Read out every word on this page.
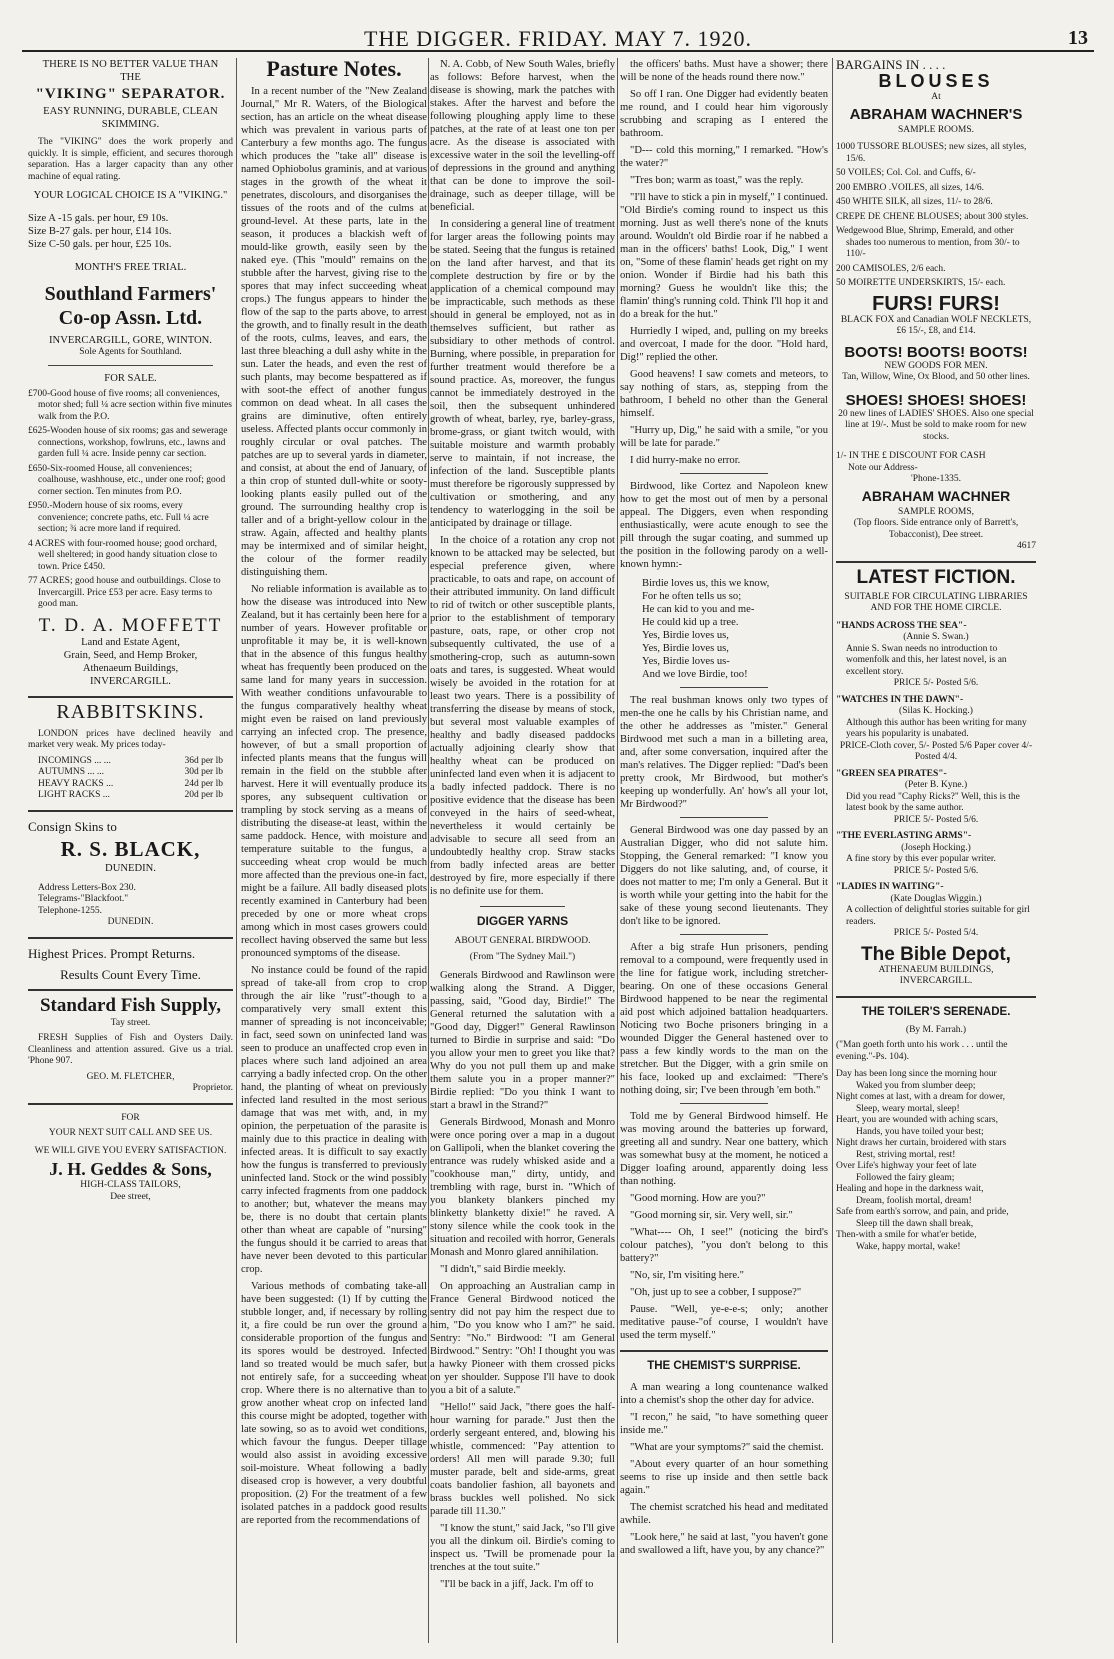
THE DIGGER. FRIDAY. MAY 7. 1920.	13
THERE IS NO BETTER VALUE THAN
THE
"VIKING" SEPARATOR.
EASY RUNNING, DURABLE, CLEAN SKIMMING.

The "VIKING" does the work properly and quickly. It is simple, efficient, and secures thorough separation. Has a larger capacity than any other machine of equal rating.

YOUR LOGICAL CHOICE IS A "VIKING."
Size A -15 gals. per hour, £9 10s.
Size B-27 gals. per hour, £14 10s.
Size C-50 gals. per hour, £25 10s.
MONTH'S FREE TRIAL.
Southland Farmers' Co-op Assn. Ltd.
INVERCARGILL, GORE, WINTON.
Sole Agents for Southland.
FOR SALE.

£700-Good house of five rooms; all conveniences, motor shed; full ¼ acre section within five minutes walk from the P.O.

£625-Wooden house of six rooms; gas and sewerage connections, workshop, fowlruns, etc., lawns and garden full ¼ acre. Inside penny car section.

£650-Six-roomed House, all conveniences; coalhouse, washhouse, etc., under one roof; good corner section. Ten minutes from P.O.

£950.-Modern house of six rooms, every convenience; concrete paths, etc. Full ¼ acre section; ¾ acre more land if required.

4 ACRES with four-roomed house; good orchard, well sheltered; in good handy situation close to town. Price £450.

77 ACRES; good house and outbuildings. Close to Invercargill. Price £53 per acre. Easy terms to good man.

T. D. A. MOFFETT
Land and Estate Agent,
Grain, Seed, and Hemp Broker,
Athenaeum Buildings,
INVERCARGILL.
RABBITSKINS.

LONDON prices have declined heavily and market very weak. My prices today-

INCOMINGS ... ...	36d per lb
AUTUMNS ... ...	30d per lb
HEAVY RACKS ...	24d per lb
LIGHT RACKS ...	20d per lb
Consign Skins to
R. S. BLACK,
DUNEDIN.
Address Letters-Box 230.
Telegrams-"Blackfoot."
Telephone-1255.
DUNEDIN.
Highest Prices. Prompt Returns.
Results Count Every Time.
Standard Fish Supply,
Tay street.

FRESH Supplies of Fish and Oysters Daily. Cleanliness and attention assured. Give us a trial. 'Phone 907.

GEO. M. FLETCHER,
Proprietor.
FOR
YOUR NEXT SUIT CALL AND SEE US.
WE WILL GIVE YOU EVERY SATISFACTION.
J. H. Geddes & Sons,
HIGH-CLASS TAILORS,
Dee street,
Pasture Notes.

In a recent number of the "New Zealand Journal," Mr R. Waters, of the Biological section, has an article on the wheat disease which was prevalent in various parts of Canterbury a few months ago. The fungus which produces the "take all" disease is named Ophiobolus graminis, and at various stages in the growth of the wheat it penetrates, discolours, and disorganises the tissues of the roots and of the culms at ground-level. At these parts, late in the season, it produces a blackish weft of mould-like growth, easily seen by the naked eye. (This "mould" remains on the stubble after the harvest, giving rise to the spores that may infect succeeding wheat crops.) The fungus appears to hinder the flow of the sap to the parts above, to arrest the growth, and to finally result in the death of the roots, culms, leaves, and ears, the last three bleaching a dull ashy white in the sun. Later the heads, and even the rest of such plants, may become bespattered as if with soot-the effect of another fungus common on dead wheat. In all cases the grains are diminutive, often entirely useless. Affected plants occur commonly in roughly circular or oval patches. The patches are up to several yards in diameter, and consist, at about the end of January, of a thin crop of stunted dull-white or sooty-looking plants easily pulled out of the ground. The surrounding healthy crop is taller and of a bright-yellow colour in the straw. Again, affected and healthy plants may be intermixed and of similar height, the colour of the former readily distinguishing them.

No reliable information is available as to how the disease was introduced into New Zealand, but it has certainly been here for a number of years. However profitable or unprofitable it may be, it is well-known that in the absence of this fungus healthy wheat has frequently been produced on the same land for many years in succession. With weather conditions unfavourable to the fungus comparatively healthy wheat might even be raised on land previously carrying an infected crop. The presence, however, of but a small proportion of infected plants means that the fungus will remain in the field on the stubble after harvest. Here it will eventually produce its spores, any subsequent cultivation or trampling by stock serving as a means of distributing the disease-at least, within the same paddock. Hence, with moisture and temperature suitable to the fungus, a succeeding wheat crop would be much more affected than the previous one-in fact, might be a failure. All badly diseased plots recently examined in Canterbury had been preceded by one or more wheat crops among which in most cases growers could recollect having observed the same but less pronounced symptoms of the disease.

No instance could be found of the rapid spread of take-all from crop to crop through the air like "rust"-though to a comparatively very small extent this manner of spreading is not inconceivable; in fact, seed sown on uninfected land was seen to produce an unaffected crop even in places where such land adjoined an area carrying a badly infected crop. On the other hand, the planting of wheat on previously infected land resulted in the most serious damage that was met with, and, in my opinion, the perpetuation of the parasite is mainly due to this practice in dealing with infected areas. It is difficult to say exactly how the fungus is transferred to previously uninfected land. Stock or the wind possibly carry infected fragments from one paddock to another; but, whatever the means may be, there is no doubt that certain plants other than wheat are capable of "nursing" the fungus should it be carried to areas that have never been devoted to this particular crop.

Various methods of combating take-all have been suggested: (1) If by cutting the stubble longer, and, if necessary by rolling it, a fire could be run over the ground a considerable proportion of the fungus and its spores would be destroyed. Infected land so treated would be much safer, but not entirely safe, for a succeeding wheat crop. Where there is no alternative than to grow another wheat crop on infected land this course might be adopted, together with late sowing, so as to avoid wet conditions, which favour the fungus. Deeper tillage would also assist in avoiding excessive soil-moisture. Wheat following a badly diseased crop is however, a very doubtful proposition. (2) For the treatment of a few isolated patches in a paddock good results are reported from the recommendations of

N. A. Cobb, of New South Wales, briefly as follows: Before harvest, when the disease is showing, mark the patches with stakes. After the harvest and before the following ploughing apply lime to these patches, at the rate of at least one ton per acre. As the disease is associated with excessive water in the soil the levelling-off of depressions in the ground and anything that can be done to improve the soil-drainage, such as deeper tillage, will be beneficial.

In considering a general line of treatment for larger areas the following points may be stated. Seeing that the fungus is retained on the land after harvest, and that its complete destruction by fire or by the application of a chemical compound may be impracticable, such methods as these should in general be employed, not as in themselves sufficient, but rather as subsidiary to other methods of control. Burning, where possible, in preparation for further treatment would therefore be a sound practice. As, moreover, the fungus cannot be immediately destroyed in the soil, then the subsequent unhindered growth of wheat, barley, rye, barley-grass, brome-grass, or giant twitch would, with suitable moisture and warmth probably serve to maintain, if not increase, the infection of the land. Susceptible plants must therefore be rigorously suppressed by cultivation or smothering, and any tendency to waterlogging in the soil be anticipated by drainage or tillage.

In the choice of a rotation any crop not known to be attacked may be selected, but especial preference given, where practicable, to oats and rape, on account of their attributed immunity. On land difficult to rid of twitch or other susceptible plants, prior to the establishment of temporary pasture, oats, rape, or other crop not subsequently cultivated, the use of a smothering-crop, such as autumn-sown oats and tares, is suggested. Wheat would wisely be avoided in the rotation for at least two years. There is a possibility of transferring the disease by means of stock, but several most valuable examples of healthy and badly diseased paddocks actually adjoining clearly show that healthy wheat can be produced on uninfected land even when it is adjacent to a badly infected paddock. There is no positive evidence that the disease has been conveyed in the hairs of seed-wheat, nevertheless it would certainly be advisable to secure all seed from an undoubtedly healthy crop. Straw stacks from badly infected areas are better destroyed by fire, more especially if there is no definite use for them.

DIGGER YARNS
ABOUT GENERAL BIRDWOOD.
(From "The Sydney Mail.")

Generals Birdwood and Rawlinson were walking along the Strand. A Digger, passing, said, "Good day, Birdie!" The General returned the salutation with a "Good day, Digger!" General Rawlinson turned to Birdie in surprise and said: "Do you allow your men to greet you like that? Why do you not pull them up and make them salute you in a proper manner?" Birdie replied: "Do you think I want to start a brawl in the Strand?"

Generals Birdwood, Monash and Monro were once poring over a map in a dugout on Gallipoli, when the blanket covering the entrance was rudely whisked aside and a "cookhouse man," dirty, untidy, and trembling with rage, burst in. "Which of you blankety blankers pinched my blinketty blanketty dixie!" he raved. A stony silence while the cook took in the situation and recoiled with horror, Generals Monash and Monro glared annihilation.

"I didn't," said Birdie meekly.

On approaching an Australian camp in France General Birdwood noticed the sentry did not pay him the respect due to him, "Do you know who I am?" he said. Sentry: "No." Birdwood: "I am General Birdwood." Sentry: "Oh! I thought you was a hawky Pioneer with them crossed picks on yer shoulder. Suppose I'll have to dook you a bit of a salute."

"Hello!" said Jack, "there goes the half-hour warning for parade." Just then the orderly sergeant entered, and, blowing his whistle, commenced: "Pay attention to orders! All men will parade 9.30; full muster parade, belt and side-arms, great coats bandolier fashion, all bayonets and brass buckles well polished. No sick parade till 11.30."

"I know the stunt," said Jack, "so I'll give you all the dinkum oil. Birdie's coming to inspect us. 'Twill be promenade pour la trenches at the tout suite."

"I'll be back in a jiff, Jack. I'm off to

the officers' baths. Must have a shower; there will be none of the heads round there now."

So off I ran. One Digger had evidently beaten me round, and I could hear him vigorously scrubbing and scraping as I entered the bathroom.

"D--- cold this morning," I remarked. "How's the water?"

"Tres bon; warm as toast," was the reply.

"I'll have to stick a pin in myself," I continued. "Old Birdie's coming round to inspect us this morning. Just as well there's none of the knuts around. Wouldn't old Birdie roar if he nabbed a man in the officers' baths! Look, Dig," I went on, "Some of these flamin' heads get right on my onion. Wonder if Birdie had his bath this morning? Guess he wouldn't like this; the flamin' thing's running cold. Think I'll hop it and do a break for the hut."

Hurriedly I wiped, and, pulling on my breeks and overcoat, I made for the door. "Hold hard, Dig!" replied the other.

Good heavens! I saw comets and meteors, to say nothing of stars, as, stepping from the bathroom, I beheld no other than the General himself.

"Hurry up, Dig," he said with a smile, "or you will be late for parade."

I did hurry-make no error.

Birdwood, like Cortez and Napoleon knew how to get the most out of men by a personal appeal. The Diggers, even when responding enthusiastically, were acute enough to see the pill through the sugar coating, and summed up the position in the following parody on a well-known hymn:-

Birdie loves us, this we know,
For he often tells us so;
He can kid to you and me-
He could kid up a tree.
Yes, Birdie loves us,
Yes, Birdie loves us,
Yes, Birdie loves us-
And we love Birdie, too!

The real bushman knows only two types of men-the one he calls by his Christian name, and the other he addresses as "mister." General Birdwood met such a man in a billeting area, and, after some conversation, inquired after the man's relatives. The Digger replied: "Dad's been pretty crook, Mr Birdwood, but mother's keeping up wonderfully. An' how's all your lot, Mr Birdwood?"

General Birdwood was one day passed by an Australian Digger, who did not salute him. Stopping, the General remarked: "I know you Diggers do not like saluting, and, of course, it does not matter to me; I'm only a General. But it is worth while your getting into the habit for the sake of these young second lieutenants. They don't like to be ignored.

After a big strafe Hun prisoners, pending removal to a compound, were frequently used in the line for fatigue work, including stretcher-bearing. On one of these occasions General Birdwood happened to be near the regimental aid post which adjoined battalion headquarters. Noticing two Boche prisoners bringing in a wounded Digger the General hastened over to pass a few kindly words to the man on the stretcher. But the Digger, with a grin smile on his face, looked up and exclaimed: "There's nothing doing, sir; I've been through 'em both."

Told me by General Birdwood himself. He was moving around the batteries up forward, greeting all and sundry. Near one battery, which was somewhat busy at the moment, he noticed a Digger loafing around, apparently doing less than nothing.

"Good morning. How are you?"

"Good morning sir, sir. Very well, sir."

"What---- Oh, I see!" (noticing the bird's colour patches), "you don't belong to this battery?"

"No, sir, I'm visiting here."

"Oh, just up to see a cobber, I suppose?"

Pause. "Well, ye-e-e-s; only; another meditative pause-"of course, I wouldn't have used the term myself."

THE CHEMIST'S SURPRISE.

A man wearing a long countenance walked into a chemist's shop the other day for advice.

"I recon," he said, "to have something queer inside me."

"What are your symptoms?" said the chemist.

"About every quarter of an hour something seems to rise up inside and then settle back again."

The chemist scratched his head and meditated awhile.

"Look here," he said at last, "you haven't gone and swallowed a lift, have you, by any chance?"

BARGAINS IN . . . .
BLOUSES
At
ABRAHAM WACHNER'S
SAMPLE ROOMS.

1000 TUSSORE BLOUSES; new sizes, all styles, 15/6.

50 VOILES; Col. Col. and Cuffs, 6/-

200 EMBRO .VOILES, all sizes, 14/6.

450 WHITE SILK, all sizes, 11/- to 28/6.

CREPE DE CHENE BLOUSES; about 300 styles.

Wedgewood Blue, Shrimp, Emerald, and other shades too numerous to mention, from 30/- to 110/-

200 CAMISOLES, 2/6 each.

50 MOIRETTE UNDERSKIRTS, 15/- each.

FURS! FURS!
BLACK FOX and Canadian WOLF NECKLETS, £6 15/-, £8, and £14.
BOOTS! BOOTS! BOOTS!
NEW GOODS FOR MEN.
Tan, Willow, Wine, Ox Blood, and 50 other lines.
SHOES! SHOES! SHOES!
20 new lines of LADIES' SHOES. Also one special line at 19/-. Must be sold to make room for new stocks.
1/- IN THE £ DISCOUNT FOR CASH
Note our Address-
'Phone-1335.
ABRAHAM WACHNER
SAMPLE ROOMS,
(Top floors. Side entrance only of Barrett's, Tobacconist), Dee street.
4617
LATEST FICTION.
SUITABLE FOR CIRCULATING LIBRARIES AND FOR THE HOME CIRCLE.
"HANDS ACROSS THE SEA"-
(Annie S. Swan.)
Annie S. Swan needs no introduction to womenfolk and this, her latest novel, is an excellent story.
PRICE 5/- Posted 5/6.
"WATCHES IN THE DAWN"-
(Silas K. Hocking.)
Although this author has been writing for many years his popularity is unabated.
PRICE-Cloth cover, 5/- Posted 5/6 Paper cover 4/- Posted 4/4.
"GREEN SEA PIRATES"-
(Peter B. Kyne.)
Did you read "Caphy Ricks?" Well, this is the latest book by the same author.
PRICE 5/- Posted 5/6.
"THE EVERLASTING ARMS"-
(Joseph Hocking.)
A fine story by this ever popular writer.
PRICE 5/- Posted 5/6.
"LADIES IN WAITING"-
(Kate Douglas Wiggin.)
A collection of delightful stories suitable for girl readers.
PRICE 5/- Posted 5/4.
The Bible Depot,
ATHENAEUM BUILDINGS,
INVERCARGILL.
THE TOILER'S SERENADE.
(By M. Farrah.)
("Man goeth forth unto his work . . . until the evening."-Ps. 104).
Day has been long since the morning hour
Waked you from slumber deep;
Night comes at last, with a dream for dower,
Sleep, weary mortal, sleep!
Heart, you are wounded with aching scars,
Hands, you have toiled your best;
Night draws her curtain, broidered with stars
Rest, striving mortal, rest!
Over Life's highway your feet of late
Followed the fairy gleam;
Healing and hope in the darkness wait,
Dream, foolish mortal, dream!
Safe from earth's sorrow, and pain, and pride,
Sleep till the dawn shall break,
Then-with a smile for what'er betide,
Wake, happy mortal, wake!
